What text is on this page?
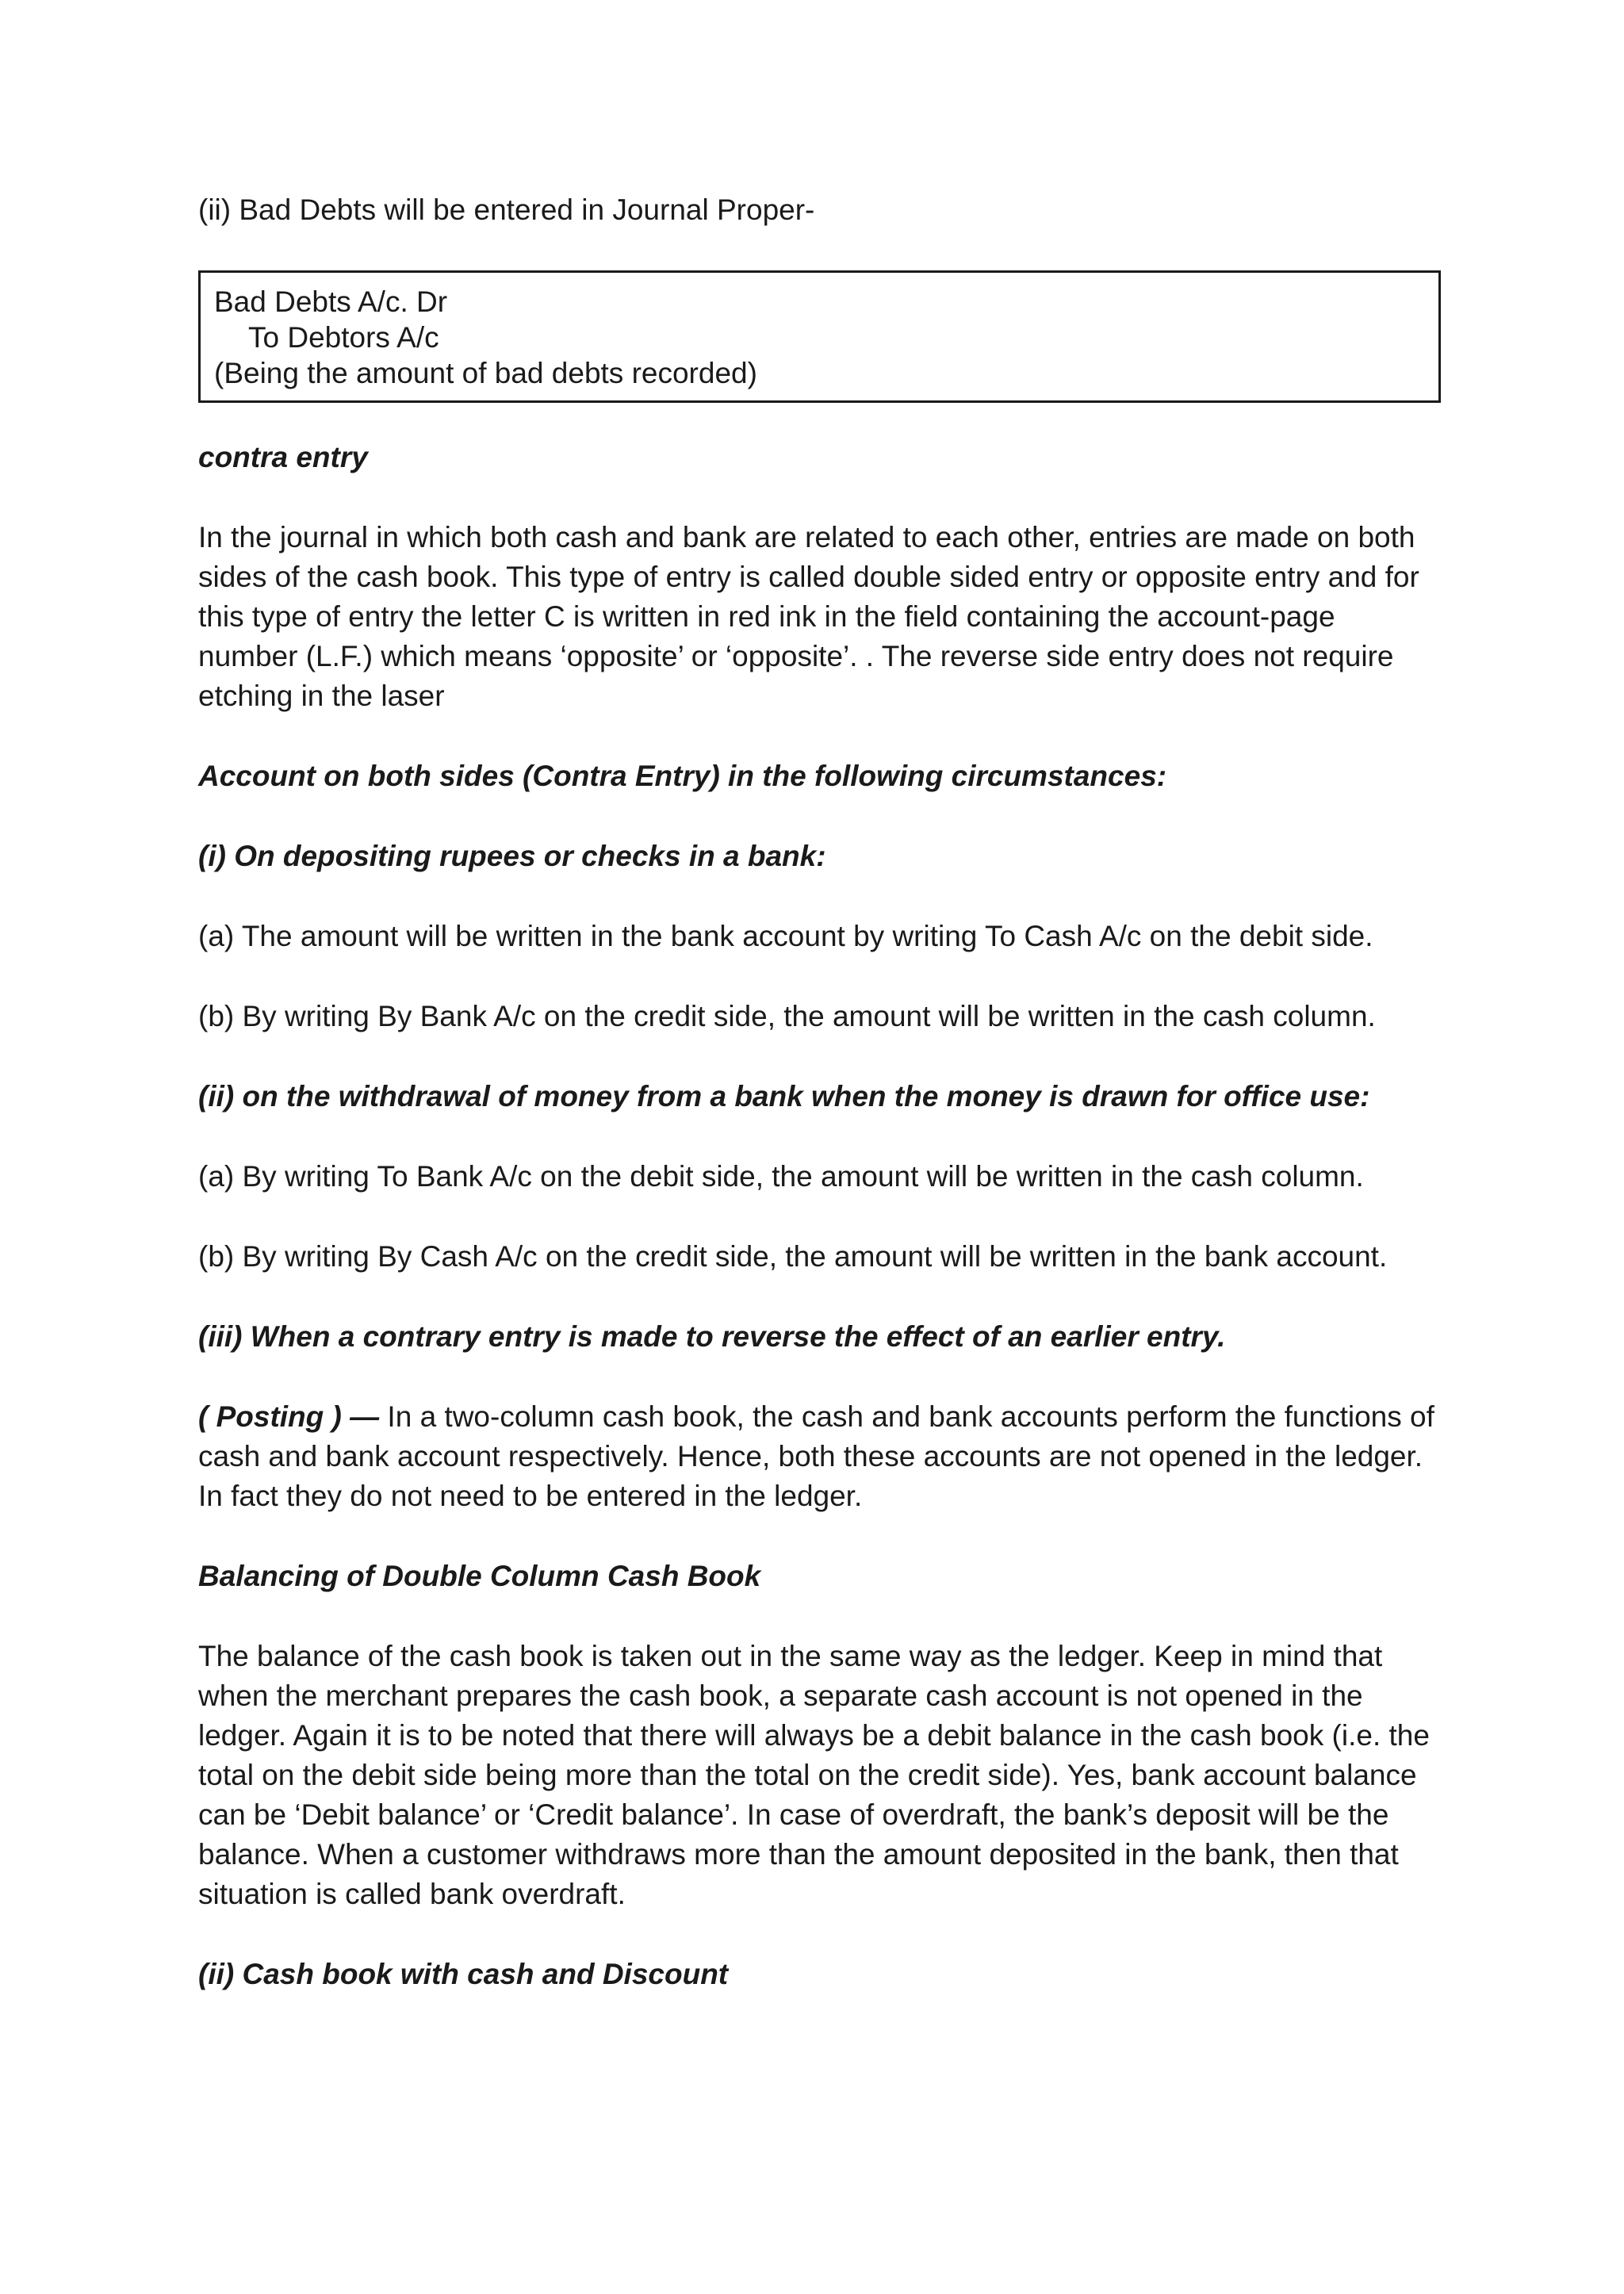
(ii) Bad Debts will be entered in Journal Proper-

Bad Debts A/c. Dr
To Debtors A/c
(Being the amount of bad debts recorded)

contra entry

In the journal in which both cash and bank are related to each other, entries are made on both sides of the cash book. This type of entry is called double sided entry or opposite entry and for this type of entry the letter C is written in red ink in the field containing the account-page number (L.F.) which means ‘opposite’ or ‘opposite’. . The reverse side entry does not require etching in the laser

Account on both sides (Contra Entry) in the following circumstances:

(i) On depositing rupees or checks in a bank:

(a) The amount will be written in the bank account by writing To Cash A/c on the debit side.

(b) By writing By Bank A/c on the credit side, the amount will be written in the cash column.

(ii) on the withdrawal of money from a bank when the money is drawn for office use:

(a) By writing To Bank A/c on the debit side, the amount will be written in the cash column.

(b) By writing By Cash A/c on the credit side, the amount will be written in the bank account.

(iii) When a contrary entry is made to reverse the effect of an earlier entry.

( Posting ) — In a two-column cash book, the cash and bank accounts perform the functions of cash and bank account respectively. Hence, both these accounts are not opened in the ledger. In fact they do not need to be entered in the ledger.

Balancing of Double Column Cash Book

The balance of the cash book is taken out in the same way as the ledger. Keep in mind that when the merchant prepares the cash book, a separate cash account is not opened in the ledger. Again it is to be noted that there will always be a debit balance in the cash book (i.e. the total on the debit side being more than the total on the credit side). Yes, bank account balance can be ‘Debit balance’ or ‘Credit balance’. In case of overdraft, the bank’s deposit will be the balance. When a customer withdraws more than the amount deposited in the bank, then that situation is called bank overdraft.

(ii) Cash book with cash and Discount
